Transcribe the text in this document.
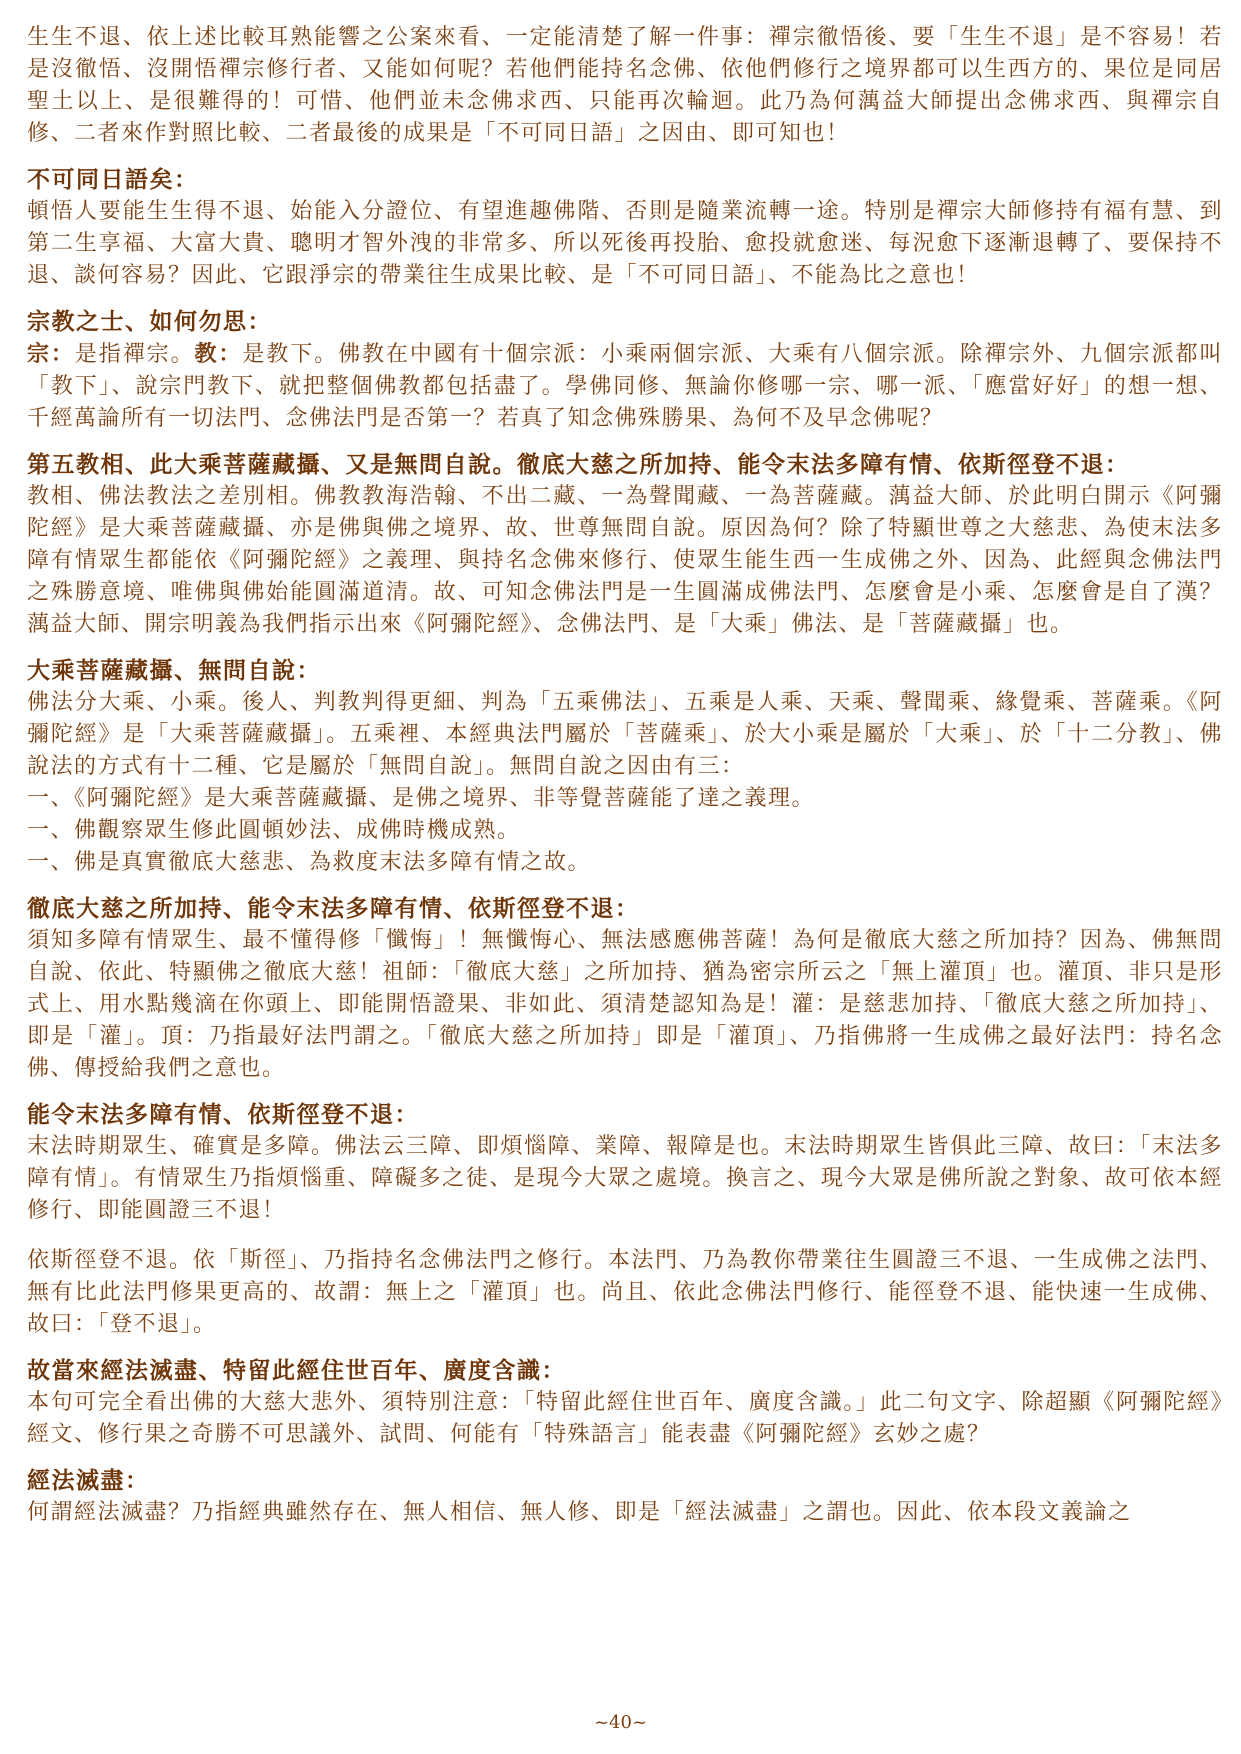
生生不退、依上述比較耳熟能響之公案來看、一定能清楚了解一件事：禪宗徹悟後、要「生生不退」是不容易！若是沒徹悟、沒開悟禪宗修行者、又能如何呢？若他們能持名念佛、依他們修行之境界都可以生西方的、果位是同居聖土以上、是很難得的！可惜、他們並未念佛求西、只能再次輪迴。此乃為何蕅益大師提出念佛求西、與禪宗自修、二者來作對照比較、二者最後的成果是「不可同日語」之因由、即可知也！

不可同日語矣：

頓悟人要能生生得不退、始能入分證位、有望進趣佛階、否則是隨業流轉一途。特別是禪宗大師修持有福有慧、到第二生享福、大富大貴、聰明才智外洩的非常多、所以死後再投胎、愈投就愈迷、每況愈下逐漸退轉了、要保持不退、談何容易？因此、它跟淨宗的帶業往生成果比較、是「不可同日語」、不能為比之意也！

宗教之士、如何勿思：

宗：是指禪宗。教：是教下。佛教在中國有十個宗派：小乘兩個宗派、大乘有八個宗派。除禪宗外、九個宗派都叫「教下」、說宗門教下、就把整個佛教都包括盡了。學佛同修、無論你修哪一宗、哪一派、「應當好好」的想一想、千經萬論所有一切法門、念佛法門是否第一？若真了知念佛殊勝果、為何不及早念佛呢？

第五教相、此大乘菩薩藏攝、又是無問自說。徹底大慈之所加持、能令末法多障有情、依斯徑登不退：

教相、佛法教法之差別相。佛教教海浩翰、不出二藏、一為聲聞藏、一為菩薩藏。蕅益大師、於此明白開示《阿彌陀經》是大乘菩薩藏攝、亦是佛與佛之境界、故、世尊無問自說。原因為何？除了特顯世尊之大慈悲、為使末法多障有情眾生都能依《阿彌陀經》之義理、與持名念佛來修行、使眾生能生西一生成佛之外、因為、此經與念佛法門之殊勝意境、唯佛與佛始能圓滿道清。故、可知念佛法門是一生圓滿成佛法門、怎麼會是小乘、怎麼會是自了漢？蕅益大師、開宗明義為我們指示出來《阿彌陀經》、念佛法門、是「大乘」佛法、是「菩薩藏攝」也。

大乘菩薩藏攝、無問自說：

佛法分大乘、小乘。後人、判教判得更細、判為「五乘佛法」、五乘是人乘、天乘、聲聞乘、緣覺乘、菩薩乘。《阿彌陀經》是「大乘菩薩藏攝」。五乘裡、本經典法門屬於「菩薩乘」、於大小乘是屬於「大乘」、於「十二分教」、佛說法的方式有十二種、它是屬於「無問自說」。無問自說之因由有三：

一、《阿彌陀經》是大乘菩薩藏攝、是佛之境界、非等覺菩薩能了達之義理。
一、佛觀察眾生修此圓頓妙法、成佛時機成熟。
一、佛是真實徹底大慈悲、為救度末法多障有情之故。

徹底大慈之所加持、能令末法多障有情、依斯徑登不退：

須知多障有情眾生、最不懂得修「懺悔」！無懺悔心、無法感應佛菩薩！為何是徹底大慈之所加持？因為、佛無問自說、依此、特顯佛之徹底大慈！祖師：「徹底大慈」之所加持、猶為密宗所云之「無上灌頂」也。灌頂、非只是形式上、用水點幾滴在你頭上、即能開悟證果、非如此、須清楚認知為是！灌：是慈悲加持、「徹底大慈之所加持」、即是「灌」。頂：乃指最好法門謂之。「徹底大慈之所加持」即是「灌頂」、乃指佛將一生成佛之最好法門：持名念佛、傳授給我們之意也。

能令末法多障有情、依斯徑登不退：

末法時期眾生、確實是多障。佛法云三障、即煩惱障、業障、報障是也。末法時期眾生皆俱此三障、故曰：「末法多障有情」。有情眾生乃指煩惱重、障礙多之徒、是現今大眾之處境。換言之、現今大眾是佛所說之對象、故可依本經修行、即能圓證三不退！

依斯徑登不退。依「斯徑」、乃指持名念佛法門之修行。本法門、乃為教你帶業往生圓證三不退、一生成佛之法門、無有比此法門修果更高的、故謂：無上之「灌頂」也。尚且、依此念佛法門修行、能徑登不退、能快速一生成佛、故曰：「登不退」。

故當來經法滅盡、特留此經住世百年、廣度含識：

本句可完全看出佛的大慈大悲外、須特別注意：「特留此經住世百年、廣度含識。」此二句文字、除超顯《阿彌陀經》經文、修行果之奇勝不可思議外、試問、何能有「特殊語言」能表盡《阿彌陀經》玄妙之處？

經法滅盡：

何謂經法滅盡？乃指經典雖然存在、無人相信、無人修、即是「經法滅盡」之謂也。因此、依本段文義論之

~40~
